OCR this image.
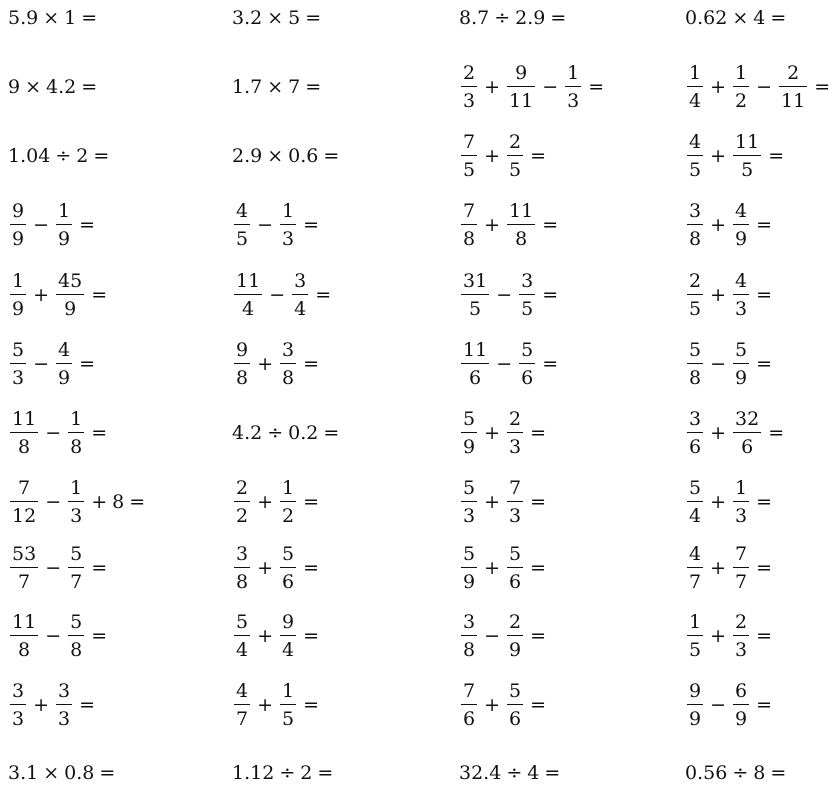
5.9 × 1 =	3.2 × 5 =	8.7 ÷ 2.9 =	0.62 × 4 =
9 × 4.2 =	1.7 × 7 =	$\frac{2}{3} + \frac{9}{11} - \frac{1}{3}$ =	$\frac{1}{4} + \frac{1}{2} - \frac{2}{11}$ =
1.04 ÷ 2 =	2.9 × 0.6 =	$\frac{7}{5} + \frac{2}{5}$ =	$\frac{4}{5} + \frac{11}{5}$ =
$\frac{9}{9} - \frac{1}{9}$ =	$\frac{4}{5} - \frac{1}{3}$ =	$\frac{7}{8} + \frac{11}{8}$ =	$\frac{3}{8} + \frac{4}{9}$ =
$\frac{1}{9} + \frac{45}{9}$ =	$\frac{11}{4} - \frac{3}{4}$ =	$\frac{31}{5} - \frac{3}{5}$ =	$\frac{2}{5} + \frac{4}{3}$ =
$\frac{5}{3} - \frac{4}{9}$ =	$\frac{9}{8} + \frac{3}{8}$ =	$\frac{11}{6} - \frac{5}{6}$ =	$\frac{5}{8} - \frac{5}{9}$ =
$\frac{11}{8} - \frac{1}{8}$ =	4.2 ÷ 0.2 =	$\frac{5}{9} + \frac{2}{3}$ =	$\frac{3}{6} + \frac{32}{6}$ =
$\frac{7}{12} - \frac{1}{3} + 8$ =	$\frac{2}{2} + \frac{1}{2}$ =	$\frac{5}{3} + \frac{7}{3}$ =	$\frac{5}{4} + \frac{1}{3}$ =
$\frac{53}{7} - \frac{5}{7}$ =	$\frac{3}{8} + \frac{5}{6}$ =	$\frac{5}{9} + \frac{5}{6}$ =	$\frac{4}{7} + \frac{7}{7}$ =
$\frac{11}{8} - \frac{5}{8}$ =	$\frac{5}{4} + \frac{9}{4}$ =	$\frac{3}{8} - \frac{2}{9}$ =	$\frac{1}{5} + \frac{2}{3}$ =
$\frac{3}{3} + \frac{3}{3}$ =	$\frac{4}{7} + \frac{1}{5}$ =	$\frac{7}{6} + \frac{5}{6}$ =	$\frac{9}{9} - \frac{6}{9}$ =
3.1 × 0.8 =	1.12 ÷ 2 =	32.4 ÷ 4 =	0.56 ÷ 8 =
